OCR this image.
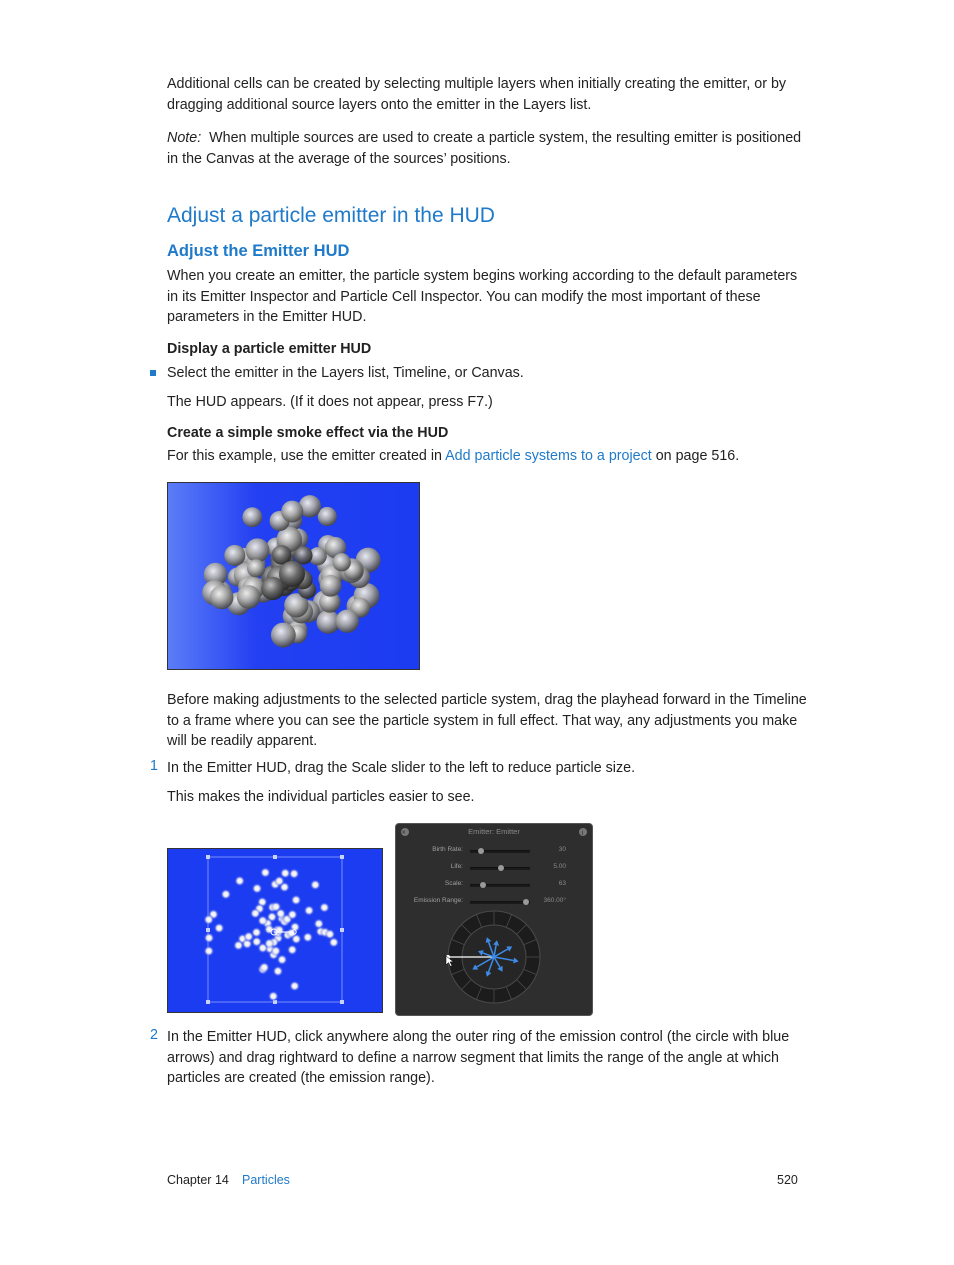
Additional cells can be created by selecting multiple layers when initially creating the emitter, or by dragging additional source layers onto the emitter in the Layers list.

Note: When multiple sources are used to create a particle system, the resulting emitter is positioned in the Canvas at the average of the sources’ positions.

Adjust a particle emitter in the HUD
Adjust the Emitter HUD

When you create an emitter, the particle system begins working according to the default parameters in its Emitter Inspector and Particle Cell Inspector. You can modify the most important of these parameters in the Emitter HUD.

Display a particle emitter HUD

Select the emitter in the Layers list, Timeline, or Canvas.

The HUD appears. (If it does not appear, press F7.)

Create a simple smoke effect via the HUD

For this example, use the emitter created in Add particle systems to a project on page 516.

Before making adjustments to the selected particle system, drag the playhead forward in the Timeline to a frame where you can see the particle system in full effect. That way, any adjustments you make will be readily apparent.

1 In the Emitter HUD, drag the Scale slider to the left to reduce particle size.

This makes the individual particles easier to see.

×	i
Emitter: Emitter
Birth Rate:	30
Life:	5.00
Scale:	63
Emission Range:	360.00°
2 In the Emitter HUD, click anywhere along the outer ring of the emission control (the circle with blue arrows) and drag rightward to define a narrow segment that limits the range of the angle at which particles are created (the emission range).

Chapter 14 Particles	520
